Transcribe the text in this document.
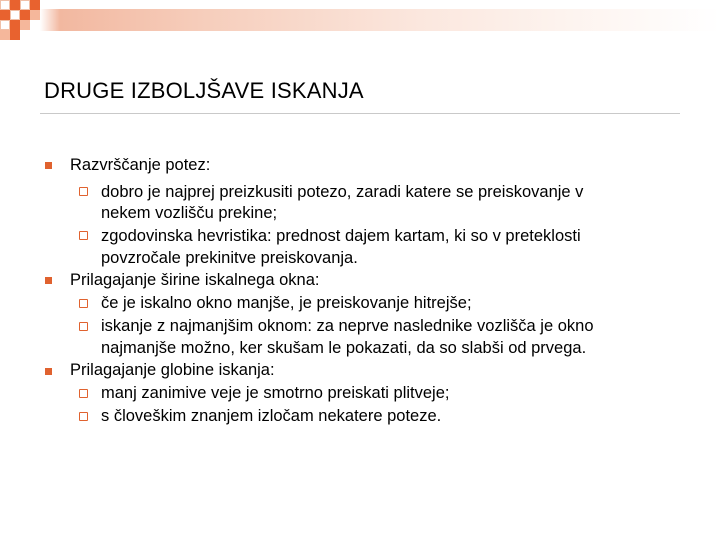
DRUGE IZBOLJŠAVE ISKANJA
Razvrščanje potez:
dobro je najprej preizkusiti potezo, zaradi katere se preiskovanje v
nekem vozlišču prekine;
zgodovinska hevristika: prednost dajem kartam, ki so v preteklosti
povzročale prekinitve preiskovanja.
Prilagajanje širine iskalnega okna:
če je iskalno okno manjše, je preiskovanje hitrejše;
iskanje z najmanjšim oknom: za neprve naslednike vozlišča je okno
najmanjše možno, ker skušam le pokazati, da so slabši od prvega.
Prilagajanje globine iskanja:
manj zanimive veje je smotrno preiskati plitveje;
s človeškim znanjem izločam nekatere poteze.
